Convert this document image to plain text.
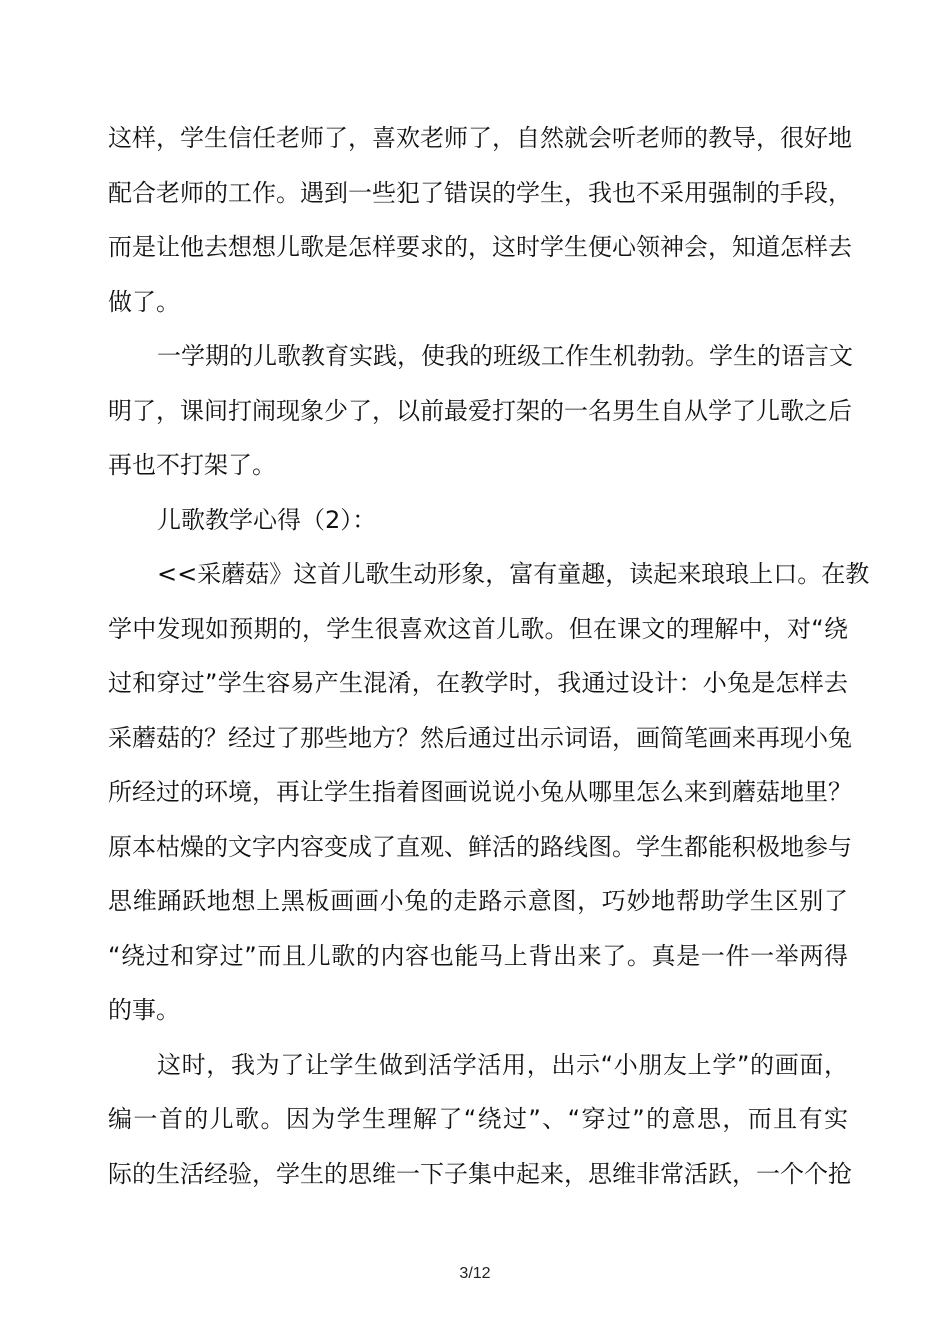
这样，学生信任老师了，喜欢老师了，自然就会听老师的教导，很好地
配合老师的工作。遇到一些犯了错误的学生，我也不采用强制的手段，
而是让他去想想儿歌是怎样要求的，这时学生便心领神会，知道怎样去
做了。
一学期的儿歌教育实践，使我的班级工作生机勃勃。学生的语言文
明了，课间打闹现象少了，以前最爱打架的一名男生自从学了儿歌之后
再也不打架了。
儿歌教学心得（2）：
<<采蘑菇》这首儿歌生动形象，富有童趣，读起来琅琅上口。在教
学中发现如预期的，学生很喜欢这首儿歌。但在课文的理解中，对“绕
过和穿过”学生容易产生混淆，在教学时，我通过设计：小兔是怎样去
采蘑菇的？经过了那些地方？然后通过出示词语，画简笔画来再现小兔
所经过的环境，再让学生指着图画说说小兔从哪里怎么来到蘑菇地里？
原本枯燥的文字内容变成了直观、鲜活的路线图。学生都能积极地参与
思维踊跃地想上黑板画画小兔的走路示意图，巧妙地帮助学生区别了
“绕过和穿过”而且儿歌的内容也能马上背出来了。真是一件一举两得
的事。
这时，我为了让学生做到活学活用，出示“小朋友上学”的画面，
编一首的儿歌。因为学生理解了“绕过”、“穿过”的意思，而且有实
际的生活经验，学生的思维一下子集中起来，思维非常活跃，一个个抢
3/12
